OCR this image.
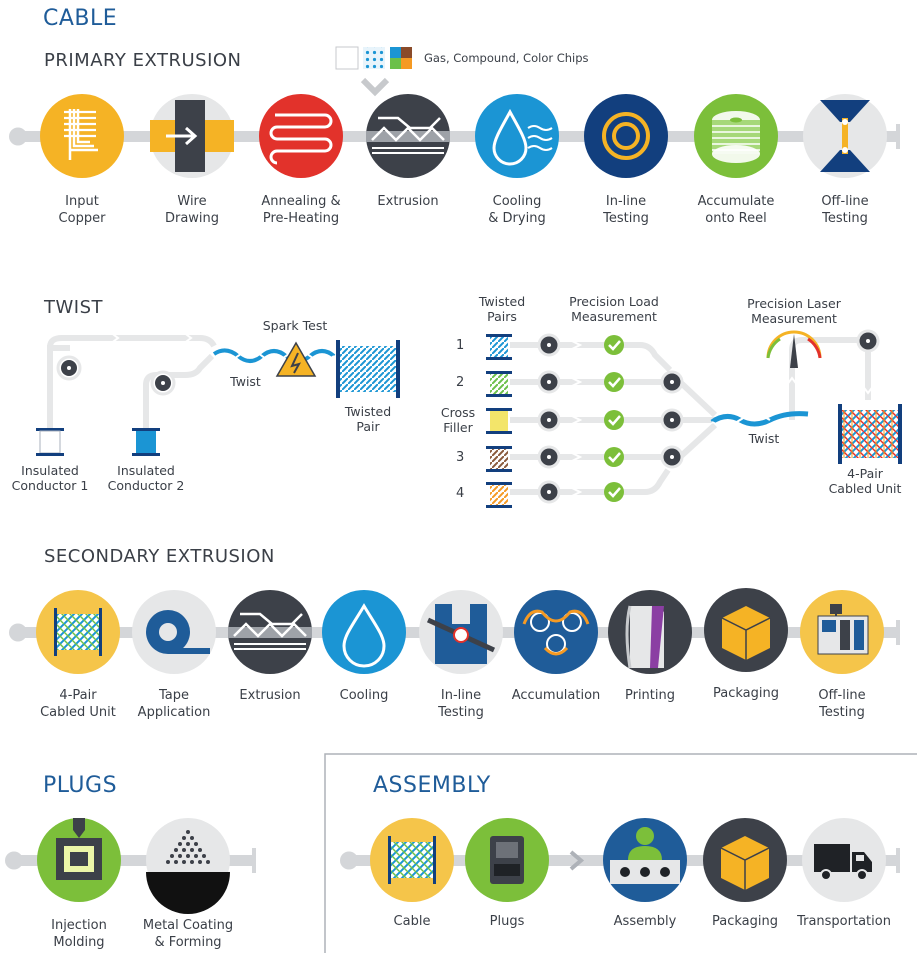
CABLE
PRIMARY EXTRUSION	Gas, Compound, Color Chips
TWIST
SECONDARY EXTRUSION
PLUGS	ASSEMBLY
Input
Copper
Wire
Drawing
Annealing &
Pre-Heating
Extrusion	Cooling
& Drying
In-line
Testing
Accumulate
onto Reel
Off-line
Testing
Spark Test
Twist
Twisted
Pair
Insulated
Conductor 1
Insulated
Conductor 2
Twisted
Pairs
Precision Load
Measurement
Precision Laser
Measurement
1
2
Cross
Filler
3
4
Twist
4-Pair
Cabled Unit
4-Pair
Cabled Unit
Tape
Application
Extrusion	Cooling	In-line
Testing
Accumulation	Printing	Packaging	Off-line
Testing
Injection
Molding
Metal Coating
& Forming
Cable	Plugs	Assembly	Packaging	Transportation
